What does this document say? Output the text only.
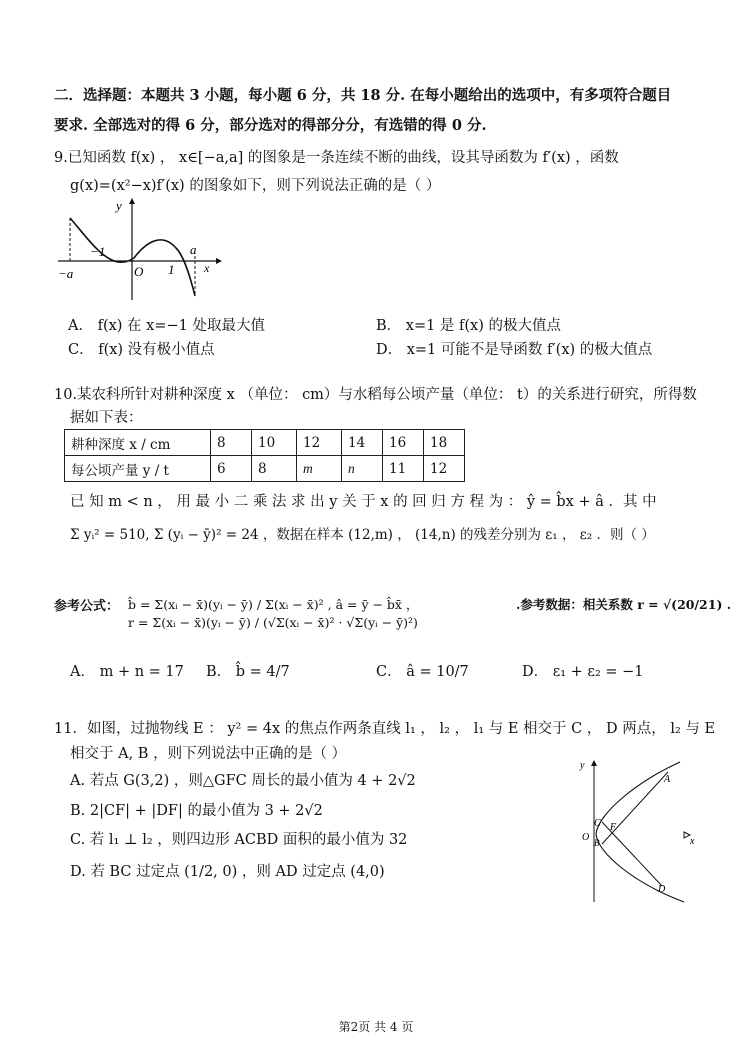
二．选择题：本题共 3 小题，每小题 6 分，共 18 分. 在每小题给出的选项中，有多项符合题目
要求. 全部选对的得 6 分，部分选对的得部分分，有选错的得 0 分.
9.已知函数 f(x) ， x∈[−a,a] 的图象是一条连续不断的曲线，设其导函数为 f′(x) ，函数
g(x)=(x²−x)f′(x) 的图象如下，则下列说法正确的是（ ）
y
x
O
−a
a
−1
1
A． f(x) 在 x=−1 处取最大值	B． x=1 是 f(x) 的极大值点
C． f(x) 没有极小值点	D． x=1 可能不是导函数 f′(x) 的极大值点
10.某农科所针对耕种深度 x （单位： cm）与水稻每公顷产量（单位： t）的关系进行研究，所得数
据如下表：
耕种深度 x / cm	8	10	12	14	16	18
每公顷产量 y / t	6	8	m	n	11	12
已 知 m < n ， 用 最 小 二 乘 法 求 出 y 关 于 x 的 回 归 方 程 为 ： ŷ = b̂x + â ．其 中
Σ yᵢ² = 510, Σ (yᵢ − ȳ)² = 24 ，数据在样本 (12,m) ， (14,n) 的残差分别为 ε₁ ， ε₂ ．则（ ）
参考公式： b̂ = Σ(xᵢ − x̄)(yᵢ − ȳ) / Σ(xᵢ − x̄)² , â = ȳ − b̂x̄ ，
r = Σ(xᵢ − x̄)(yᵢ − ȳ) / (√Σ(xᵢ − x̄)² · √Σ(yᵢ − ȳ)²)
.参考数据：相关系数 r = √(20/21) .
A． m + n = 17 B． b̂ = 4/7	C． â = 10/7	D． ε₁ + ε₂ = −1
11．如图，过抛物线 E ： y² = 4x 的焦点作两条直线 l₁ ， l₂ ， l₁ 与 E 相交于 C ， D 两点， l₂ 与 E
相交于 A, B ，则下列说法中正确的是（ ）
A. 若点 G(3,2) ，则△GFC 周长的最小值为 4 + 2√2
B. 2|CF| + |DF| 的最小值为 3 + 2√2
C. 若 l₁ ⊥ l₂ ，则四边形 ACBD 面积的最小值为 32
D. 若 BC 过定点 (1/2, 0) ，则 AD 过定点 (4,0)
x
y
O
A
B
C
D
F
第2页 共 4 页
